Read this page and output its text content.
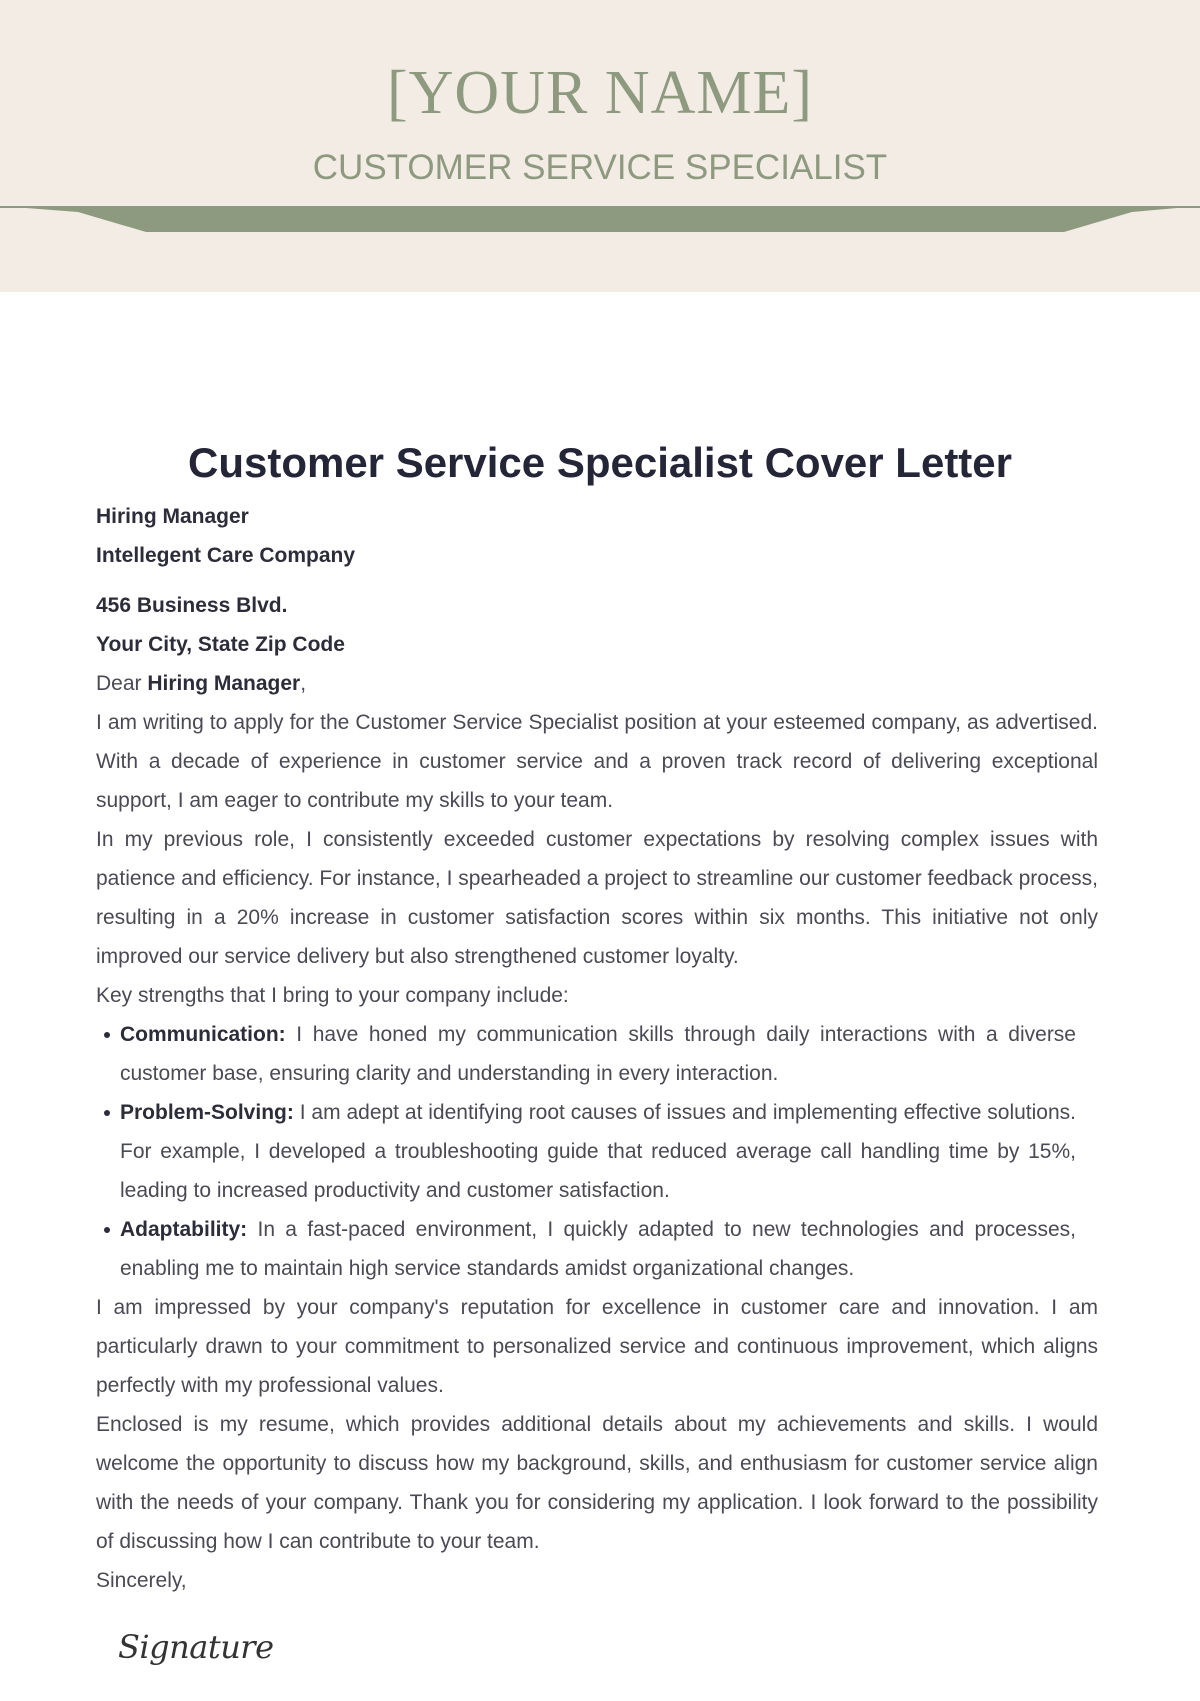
[YOUR NAME]
CUSTOMER SERVICE SPECIALIST
Customer Service Specialist Cover Letter
Hiring Manager
Intellegent Care Company
456 Business Blvd.
Your City, State Zip Code
Dear Hiring Manager,

I am writing to apply for the Customer Service Specialist position at your esteemed company, as advertised. With a decade of experience in customer service and a proven track record of delivering exceptional support, I am eager to contribute my skills to your team.

In my previous role, I consistently exceeded customer expectations by resolving complex issues with patience and efficiency. For instance, I spearheaded a project to streamline our customer feedback process, resulting in a 20% increase in customer satisfaction scores within six months. This initiative not only improved our service delivery but also strengthened customer loyalty.

Key strengths that I bring to your company include:

Communication: I have honed my communication skills through daily interactions with a diverse customer base, ensuring clarity and understanding in every interaction.
Problem-Solving: I am adept at identifying root causes of issues and implementing effective solutions. For example, I developed a troubleshooting guide that reduced average call handling time by 15%, leading to increased productivity and customer satisfaction.
Adaptability: In a fast-paced environment, I quickly adapted to new technologies and processes, enabling me to maintain high service standards amidst organizational changes.

I am impressed by your company's reputation for excellence in customer care and innovation. I am particularly drawn to your commitment to personalized service and continuous improvement, which aligns perfectly with my professional values.

Enclosed is my resume, which provides additional details about my achievements and skills. I would welcome the opportunity to discuss how my background, skills, and enthusiasm for customer service align with the needs of your company. Thank you for considering my application. I look forward to the possibility of discussing how I can contribute to your team.

Sincerely,
Signature
